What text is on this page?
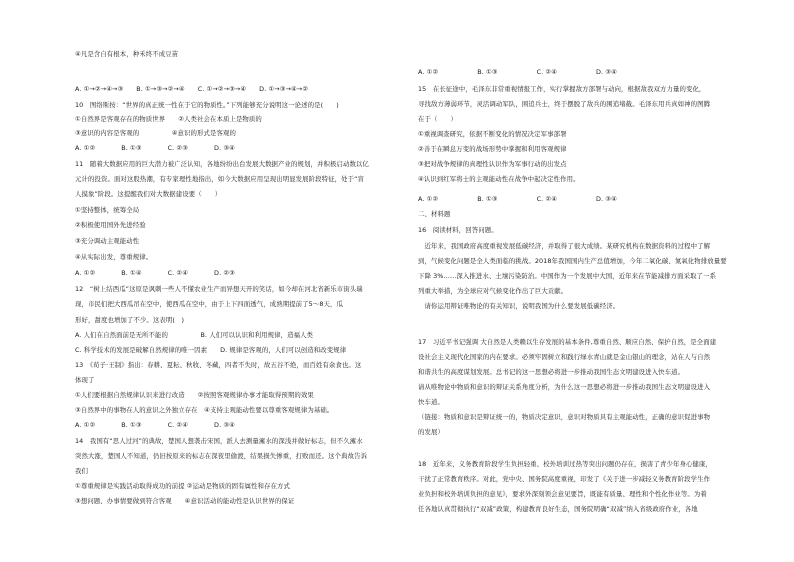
④凡是含自有根本，种禾终不成豆苗
A. ①→②→④→③　　B. ①→③→②→④　　C. ①→②→③→④　　D. ①→③→④→②
10　图络斯按：“世界的真正统一性在于它的物质性。”下列能够充分说明这一论述的是(　　)
①自然界是客观存在的物质世界　　②人类社会在本质上是物质的
③意识的内容是客观的　　　　　④意识的形式是客观的
A. ①②　　　　B. ①③　　　　C. ②③　　　　D. ③④
11　随着大数据应用的巨大潜力被广泛认知，各地纷纷出台发展大数据产业的规划，并积极启动数以亿
元计的投资。面对这股热潮，有专家理性地指出，如今大数据应用呈现出明显发展阶段特征，处于“盲
人摸象”阶段。这提醒我们对大数据建设要（　　）
①坚持整体，统筹全局
②积极使用国外先进经验
③充分调动主观能动性
④从实际出发，尊重规律。
A. ①②　　　　B. ①④　　　　C. ②④　　　　D. ②③
12　“树上结西瓜”这原是讽刺一些人不懂农业生产而异想天开的笑话，如今却在河北省新乐市街头瑞
现，市民们把大西瓜吊在空中，使西瓜在空中，由于上下四面透气，成熟期提前了5～8天，瓜
形好，甜度也增加了不少。这表明(　)
A. 人们在自然面前是无所不能的　　　　　B. 人们可以认识和利用规律，造福人类
C. 科学技术的发展是破解自然规律的唯一因素　　D. 规律是客观的，人们可以创造和改变规律
13　《荀子·王制》指出：春耕、夏耘、秋收、冬藏，四者不失时，故五谷不绝，而百姓有余食也。这
体现了
①人们要根据自然规律认识来进行改造　　②按照客观规律办事才能取得预期的效果
③自然界中的事物在人的意识之外独立存在　④支持主观能动性要以尊重客观规律为基础。
A. ①②　　　　B. ①③　　　　C. ②④　　　　D. ③④
14　我国有“思人过河”的典故，楚国人想袭击宋国，派人去测量澭水的深浅并做好标志，但不久澭水
突然大涨，楚国人不知道，仍旧按原来的标志在深夜里偷渡，结果损失惨重，打败而还。这个典故告诉
我们
①尊重规律是实践活动取得成功的前提 ②运动是物质的固有属性和存在方式
③想问题、办事情要做到符合客观　　④意识活动的能动性是认识世界的保证
A. ①②　　　　　　B. ①③　　　　　　C. ②④　　　　　　D. ③④
15　在长征途中，毛泽东非常重视情报工作，实行掌握敌方部署与动向，根据敌我双方力量的变化，
寻找敌方薄弱环节，灵活调动军队，围追兵士，终于摆脱了敌兵的围追堵截。毛泽东用兵真如神的图腾
在于（　　）
①重视调查研究，依据不断变化的情况决定军事部署
②善于在瞬息万变的战场形势中掌握和利用客观规律
③把对战争规律的真理性认识作为军事行动的出发点
④认识到红军将士的主观能动性在战争中起决定性作用。
A. ①②　　　　　　B. ①③　　　　　　C. ②④　　　　　　D. ③④
二、材料题
16　阅读材料，回答问题。
　近年来，我国政府高度重视发展低碳经济，并取得了很大成绩。某研究机构在数据资料的过程中了解
到，气候变化问题是全人类面临的挑战。2018年我国国内生产总值增加，今年二氧化碳、氮氧化物排放量要
下降 3%……深入推进水、土壤污染防治。中国作为一个发展中大国，近年来在节能减排方面采取了一系
列重大举措，为全球应对气候变化作出了巨大贡献。
　请你运用辩证唯物论的有关知识，说明我国为什么要发展低碳经济。
17　习近平书记强调 大自然是人类赖以生存发展的基本条件,尊重自然、顺应自然、保护自然，是全面建
设社会主义现代化国家的内在要求。必须牢固树立和践行绿水青山就是金山银山的理念，站在人与自然
和谐共生的高度谋划发展。总书记的这一思想必将进一步推动我国生态文明建设进入快车道。
请从唯物论中物质和意识的辩证关系角度分析，为什么这一思想必将进一步推动我国生态文明建设进入
快车道。
（链接：物质和意识是辩证统一的，物质决定意识，意识对物质具有主观能动性，正确的意识促进事物
的发展）
18　近年来，义务教育阶段学生负担轻重、校外培训过热等突出问题仍存在，损害了青少年身心健康，
干扰了正常教育秩序。对此，党中央、国务院高度重视，印发了《关于进一步减轻义务教育阶段学生作
业负担和校外培训负担的意见》，要求外深刻领会意见要旨，既能有质量、理性和个性化作业等。为着
任各地认真贯彻执行“双减”政策，构建教育良好生态，国务院明确“双减”纳入省级政府作业，各地
